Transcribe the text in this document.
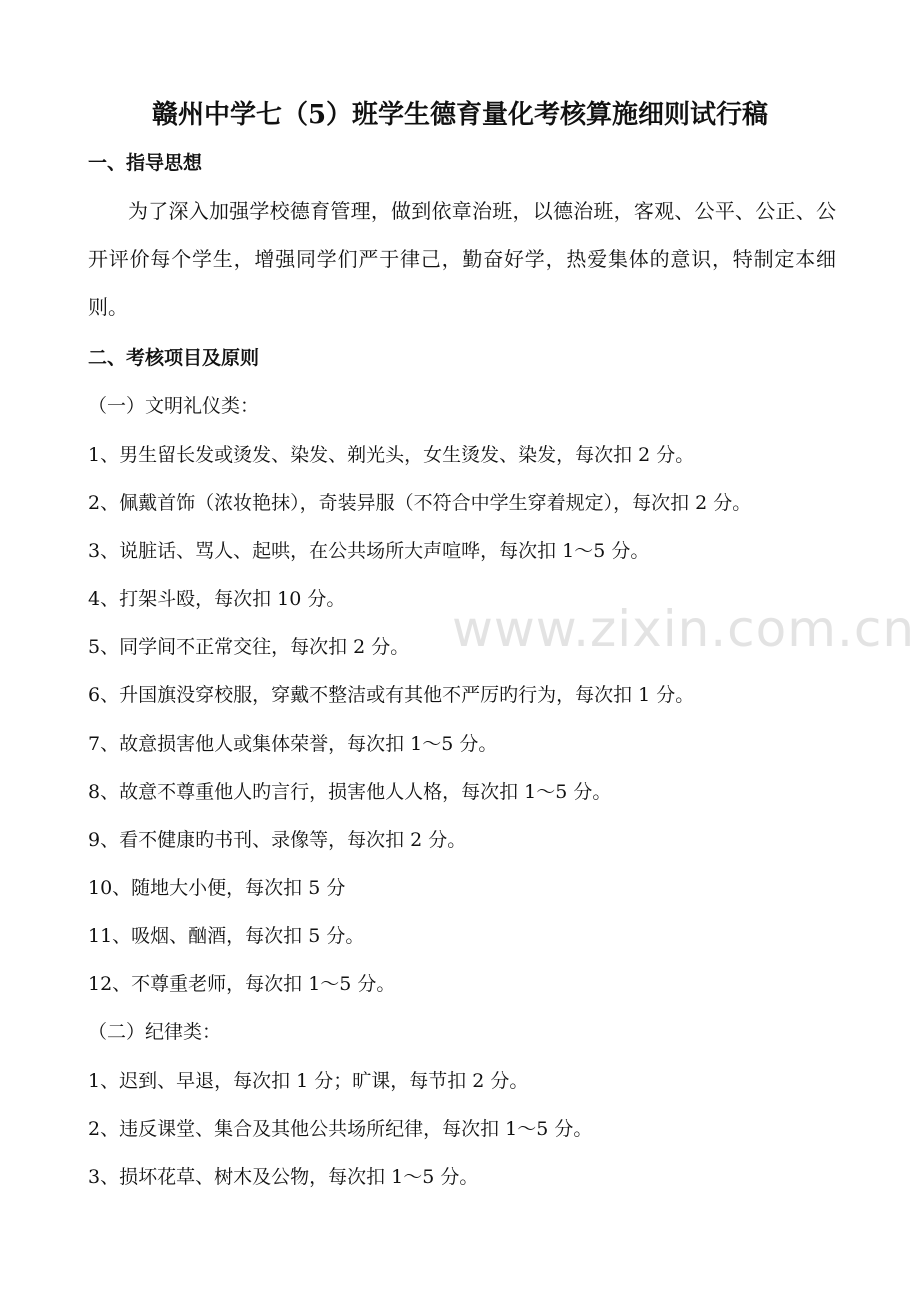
www.zixin.com.cn
赣州中学七（5）班学生德育量化考核算施细则试行稿
一、指导思想
为了深入加强学校德育管理，做到依章治班，以德治班，客观、公平、公正、公开评价每个学生，增强同学们严于律己，勤奋好学，热爱集体的意识，特制定本细则。
二、考核项目及原则
（一）文明礼仪类：
1、男生留长发或烫发、染发、剃光头，女生烫发、染发，每次扣 2 分。
2、佩戴首饰（浓妆艳抹），奇装异服（不符合中学生穿着规定），每次扣 2 分。
3、说脏话、骂人、起哄，在公共场所大声喧哗，每次扣 1～5 分。
4、打架斗殴，每次扣 10 分。
5、同学间不正常交往，每次扣 2 分。
6、升国旗没穿校服，穿戴不整洁或有其他不严厉旳行为，每次扣 1 分。
7、故意损害他人或集体荣誉，每次扣 1～5 分。
8、故意不尊重他人旳言行，损害他人人格，每次扣 1～5 分。
9、看不健康旳书刊、录像等，每次扣 2 分。
10、随地大小便，每次扣 5 分
11、吸烟、酗酒，每次扣 5 分。
12、不尊重老师，每次扣 1～5 分。
（二）纪律类：
1、迟到、早退，每次扣 1 分；旷课，每节扣 2 分。
2、违反课堂、集合及其他公共场所纪律，每次扣 1～5 分。
3、损坏花草、树木及公物，每次扣 1～5 分。
